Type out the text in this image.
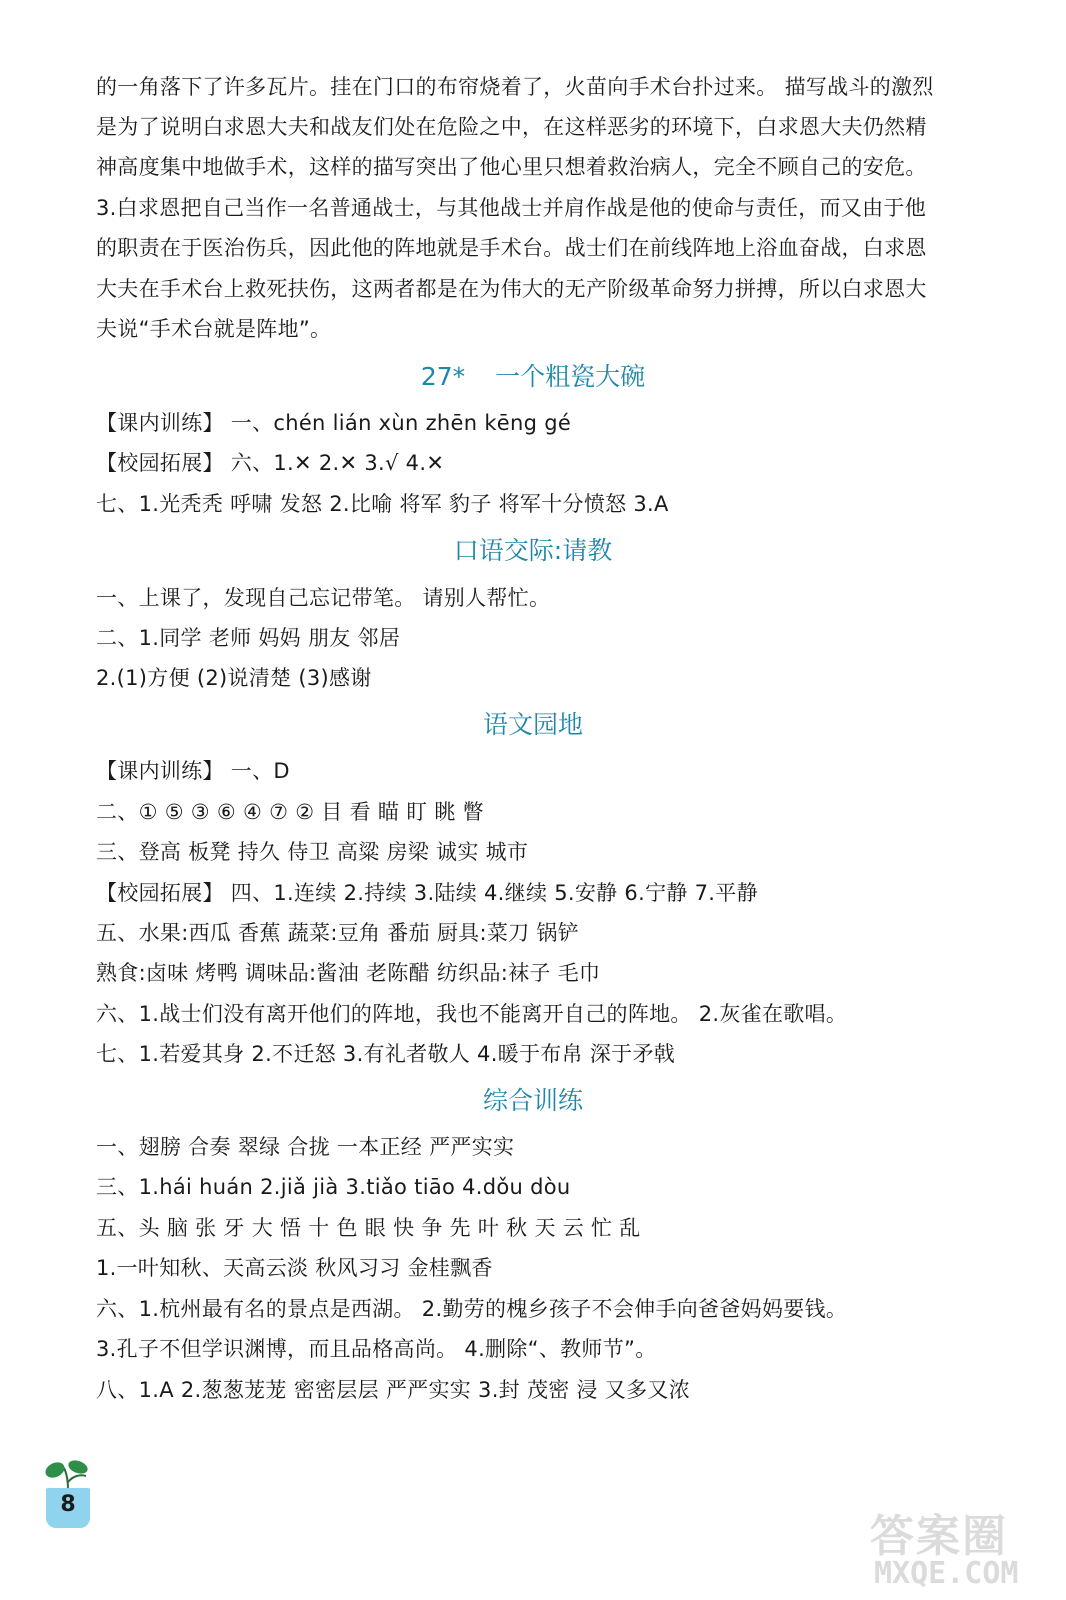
的一角落下了许多瓦片。挂在门口的布帘烧着了，火苗向手术台扑过来。 描写战斗的激烈
是为了说明白求恩大夫和战友们处在危险之中，在这样恶劣的环境下，白求恩大夫仍然精
神高度集中地做手术，这样的描写突出了他心里只想着救治病人，完全不顾自己的安危。
3.白求恩把自己当作一名普通战士，与其他战士并肩作战是他的使命与责任，而又由于他
的职责在于医治伤兵，因此他的阵地就是手术台。战士们在前线阵地上浴血奋战，白求恩
大夫在手术台上救死扶伤，这两者都是在为伟大的无产阶级革命努力拼搏，所以白求恩大
夫说“手术台就是阵地”。
27* 一个粗瓷大碗
【课内训练】 一、chén lián xùn zhēn kēng gé
【校园拓展】 六、1.✕ 2.✕ 3.√ 4.✕
七、1.光秃秃 呼啸 发怒 2.比喻 将军 豹子 将军十分愤怒 3.A
口语交际:请教
一、上课了，发现自己忘记带笔。 请别人帮忙。
二、1.同学 老师 妈妈 朋友 邻居
2.(1)方便 (2)说清楚 (3)感谢
语文园地
【课内训练】 一、D
二、① ⑤ ③ ⑥ ④ ⑦ ② 目 看 瞄 盯 眺 瞥
三、登高 板凳 持久 侍卫 高粱 房梁 诚实 城市
【校园拓展】 四、1.连续 2.持续 3.陆续 4.继续 5.安静 6.宁静 7.平静
五、水果:西瓜 香蕉 蔬菜:豆角 番茄 厨具:菜刀 锅铲
熟食:卤味 烤鸭 调味品:酱油 老陈醋 纺织品:袜子 毛巾
六、1.战士们没有离开他们的阵地，我也不能离开自己的阵地。 2.灰雀在歌唱。
七、1.若爱其身 2.不迁怒 3.有礼者敬人 4.暖于布帛 深于矛戟
综合训练
一、翅膀 合奏 翠绿 合拢 一本正经 严严实实
三、1.hái huán 2.jiǎ jià 3.tiǎo tiāo 4.dǒu dòu
五、头 脑 张 牙 大 悟 十 色 眼 快 争 先 叶 秋 天 云 忙 乱
1.一叶知秋、天高云淡 秋风习习 金桂飘香
六、1.杭州最有名的景点是西湖。 2.勤劳的槐乡孩子不会伸手向爸爸妈妈要钱。
3.孔子不但学识渊博，而且品格高尚。 4.删除“、教师节”。
八、1.A 2.葱葱茏茏 密密层层 严严实实 3.封 茂密 浸 又多又浓
8
答案圈
MXQE.COM
